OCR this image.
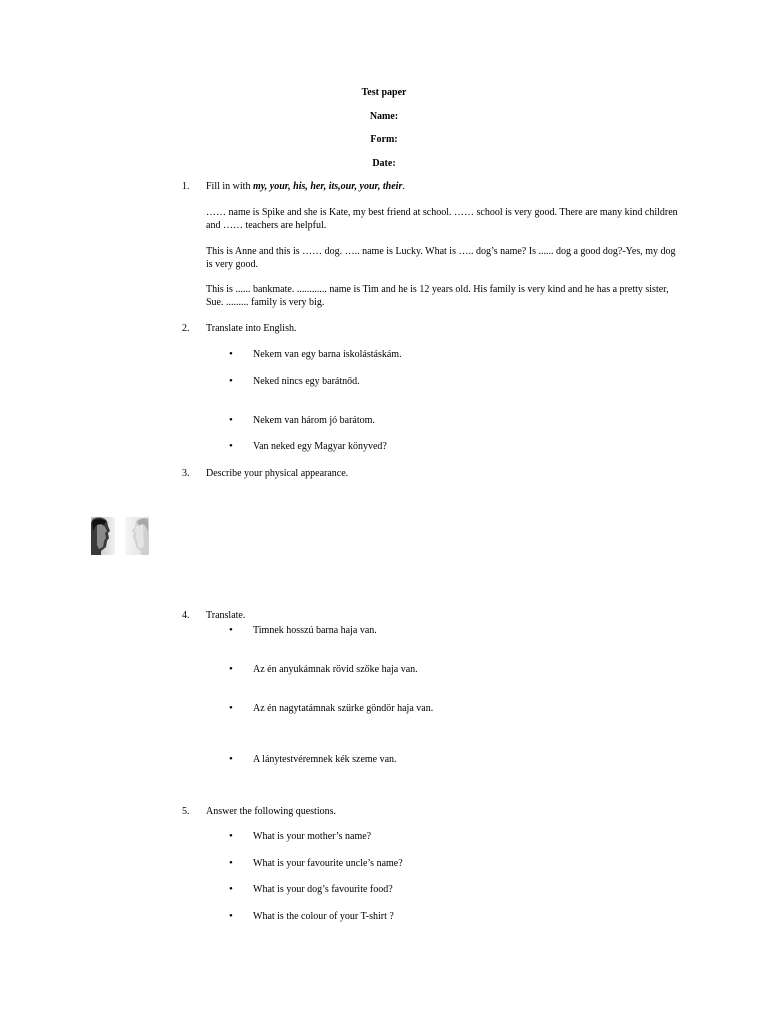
Test paper
Name:
Form:
Date:
1. Fill in with my, your, his, her, its,our, your, their.
…… name is Spike and she is Kate, my best friend at school. …… school is very good. There are many kind children and …… teachers are helpful.
This is Anne and this is …… dog. ….. name is Lucky. What is ….. dog’s name? Is ...... dog a good dog?-Yes, my dog is very good.
This is ...... bankmate. ............ name is Tim and he is 12 years old. His family is very kind and he has a pretty sister, Sue. ......... family is very big.
2. Translate into English.
• Nekem van egy barna iskolástáskám.
• Neked nincs egy barátnőd.
• Nekem van három jó barátom.
• Van neked egy Magyar könyved?
3. Describe your physical appearance.
4. Translate.
• Timnek hosszú barna haja van.
• Az én anyukámnak rövid szőke haja van.
• Az én nagytatámnak szürke göndör haja van.
• A lánytestvéremnek kék szeme van.
5. Answer the following questions.
• What is your mother’s name?
• What is your favourite uncle’s name?
• What is your dog’s favourite food?
• What is the colour of your T-shirt ?
